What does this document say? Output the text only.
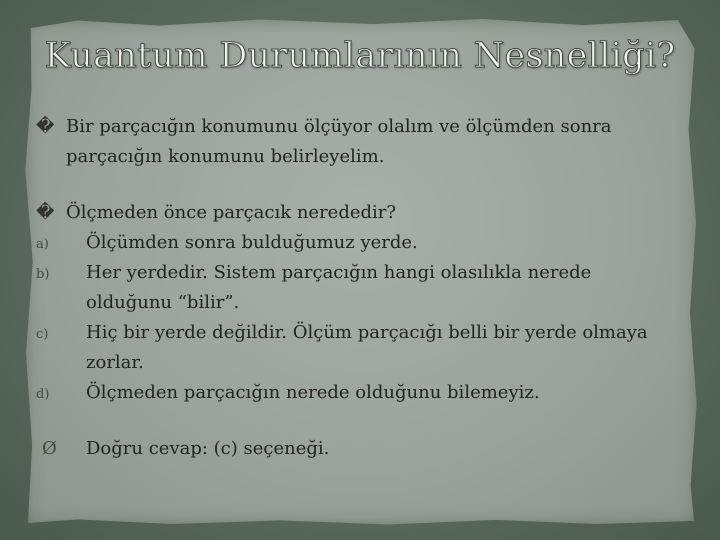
Kuantum Durumlarının Nesnelliği?
� Bir parçacığın konumunu ölçüyor olalım ve ölçümden sonra parçacığın konumunu belirleyelim.
� Ölçmeden önce parçacık nerededir?
a) Ölçümden sonra bulduğumuz yerde.
b) Her yerdedir. Sistem parçacığın hangi olasılıkla nerede olduğunu “bilir”.
c) Hiç bir yerde değildir. Ölçüm parçacığı belli bir yerde olmaya zorlar.
d) Ölçmeden parçacığın nerede olduğunu bilemeyiz.
Ø Doğru cevap: (c) seçeneği.
